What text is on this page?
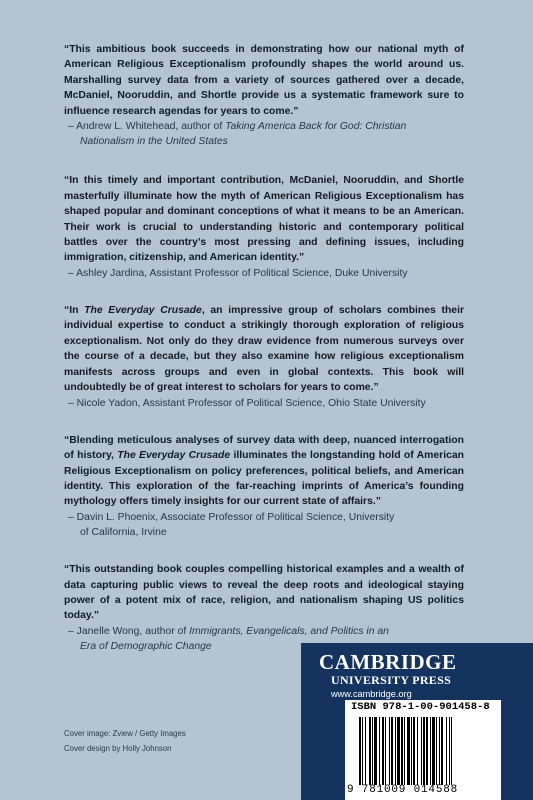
“This ambitious book succeeds in demonstrating how our national myth of American Religious Exceptionalism profoundly shapes the world around us. Marshalling survey data from a variety of sources gathered over a decade, McDaniel, Nooruddin, and Shortle provide us a systematic framework sure to influence research agendas for years to come.”

– Andrew L. Whitehead, author of Taking America Back for God: Christian
Nationalism in the United States

“In this timely and important contribution, McDaniel, Nooruddin, and Shortle masterfully illuminate how the myth of American Religious Exceptionalism has shaped popular and dominant conceptions of what it means to be an American. Their work is crucial to understanding historic and contemporary political battles over the country’s most pressing and defining issues, including immigration, citizenship, and American identity.”

– Ashley Jardina, Assistant Professor of Political Science, Duke University

“In The Everyday Crusade, an impressive group of scholars combines their individual expertise to conduct a strikingly thorough exploration of religious exceptionalism. Not only do they draw evidence from numerous surveys over the course of a decade, but they also examine how religious exceptionalism manifests across groups and even in global contexts. This book will undoubtedly be of great interest to scholars for years to come.”

– Nicole Yadon, Assistant Professor of Political Science, Ohio State University

“Blending meticulous analyses of survey data with deep, nuanced interrogation of history, The Everyday Crusade illuminates the longstanding hold of American Religious Exceptionalism on policy preferences, political beliefs, and American identity. This exploration of the far-reaching imprints of America’s founding mythology offers timely insights for our current state of affairs.”

– Davin L. Phoenix, Associate Professor of Political Science, University
of California, Irvine

“This outstanding book couples compelling historical examples and a wealth of data capturing public views to reveal the deep roots and ideological staying power of a potent mix of race, religion, and nationalism shaping US politics today.”

– Janelle Wong, author of Immigrants, Evangelicals, and Politics in an
Era of Demographic Change

Cover image: Zview / Getty Images
Cover design by Holly Johnson
CAMBRIDGE
UNIVERSITY PRESS
www.cambridge.org
ISBN 978-1-00-901458-8
9 781009 014588
